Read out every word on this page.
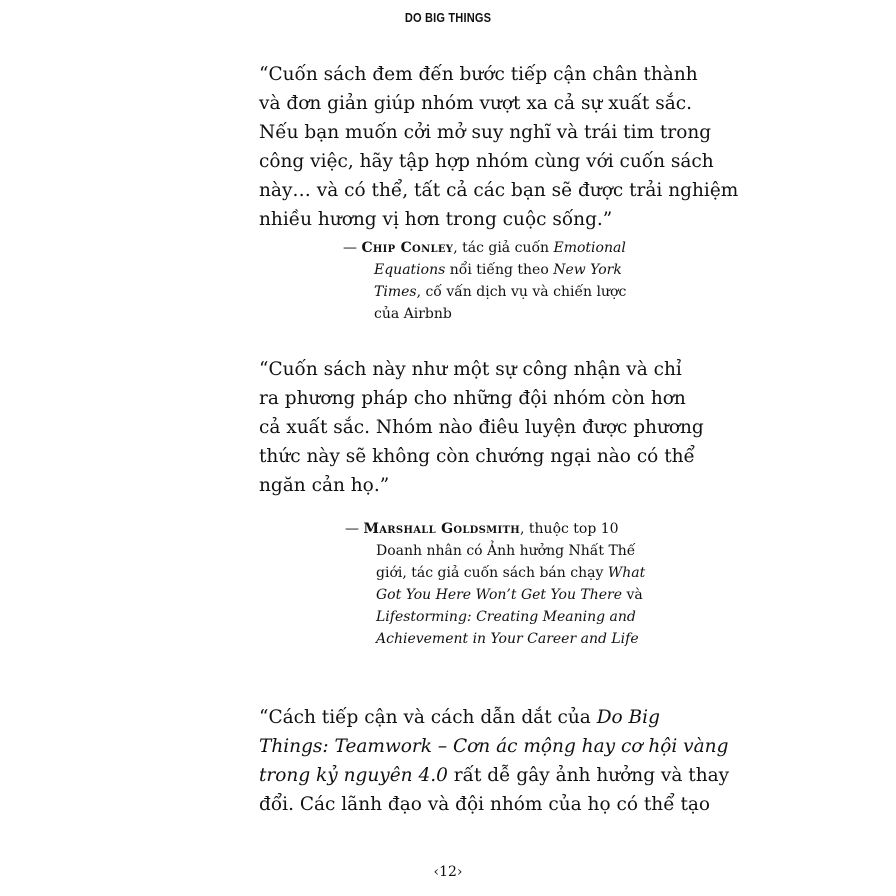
DO BIG THINGS
“Cuốn sách đem đến bước tiếp cận chân thành
và đơn giản giúp nhóm vượt xa cả sự xuất sắc.
Nếu bạn muốn cởi mở suy nghĩ và trái tim trong
công việc, hãy tập hợp nhóm cùng với cuốn sách
này… và có thể, tất cả các bạn sẽ được trải nghiệm
nhiều hương vị hơn trong cuộc sống.”
— Chip Conley, tác giả cuốn Emotional
Equations nổi tiếng theo New York
Times, cố vấn dịch vụ và chiến lược
của Airbnb
“Cuốn sách này như một sự công nhận và chỉ
ra phương pháp cho những đội nhóm còn hơn
cả xuất sắc. Nhóm nào điêu luyện được phương
thức này sẽ không còn chướng ngại nào có thể
ngăn cản họ.”
— Marshall Goldsmith, thuộc top 10
Doanh nhân có Ảnh hưởng Nhất Thế
giới, tác giả cuốn sách bán chạy What
Got You Here Won’t Get You There và
Lifestorming: Creating Meaning and
Achievement in Your Career and Life
“Cách tiếp cận và cách dẫn dắt của Do Big
Things: Teamwork – Cơn ác mộng hay cơ hội vàng
trong kỷ nguyên 4.0 rất dễ gây ảnh hưởng và thay
đổi. Các lãnh đạo và đội nhóm của họ có thể tạo
‹12›
